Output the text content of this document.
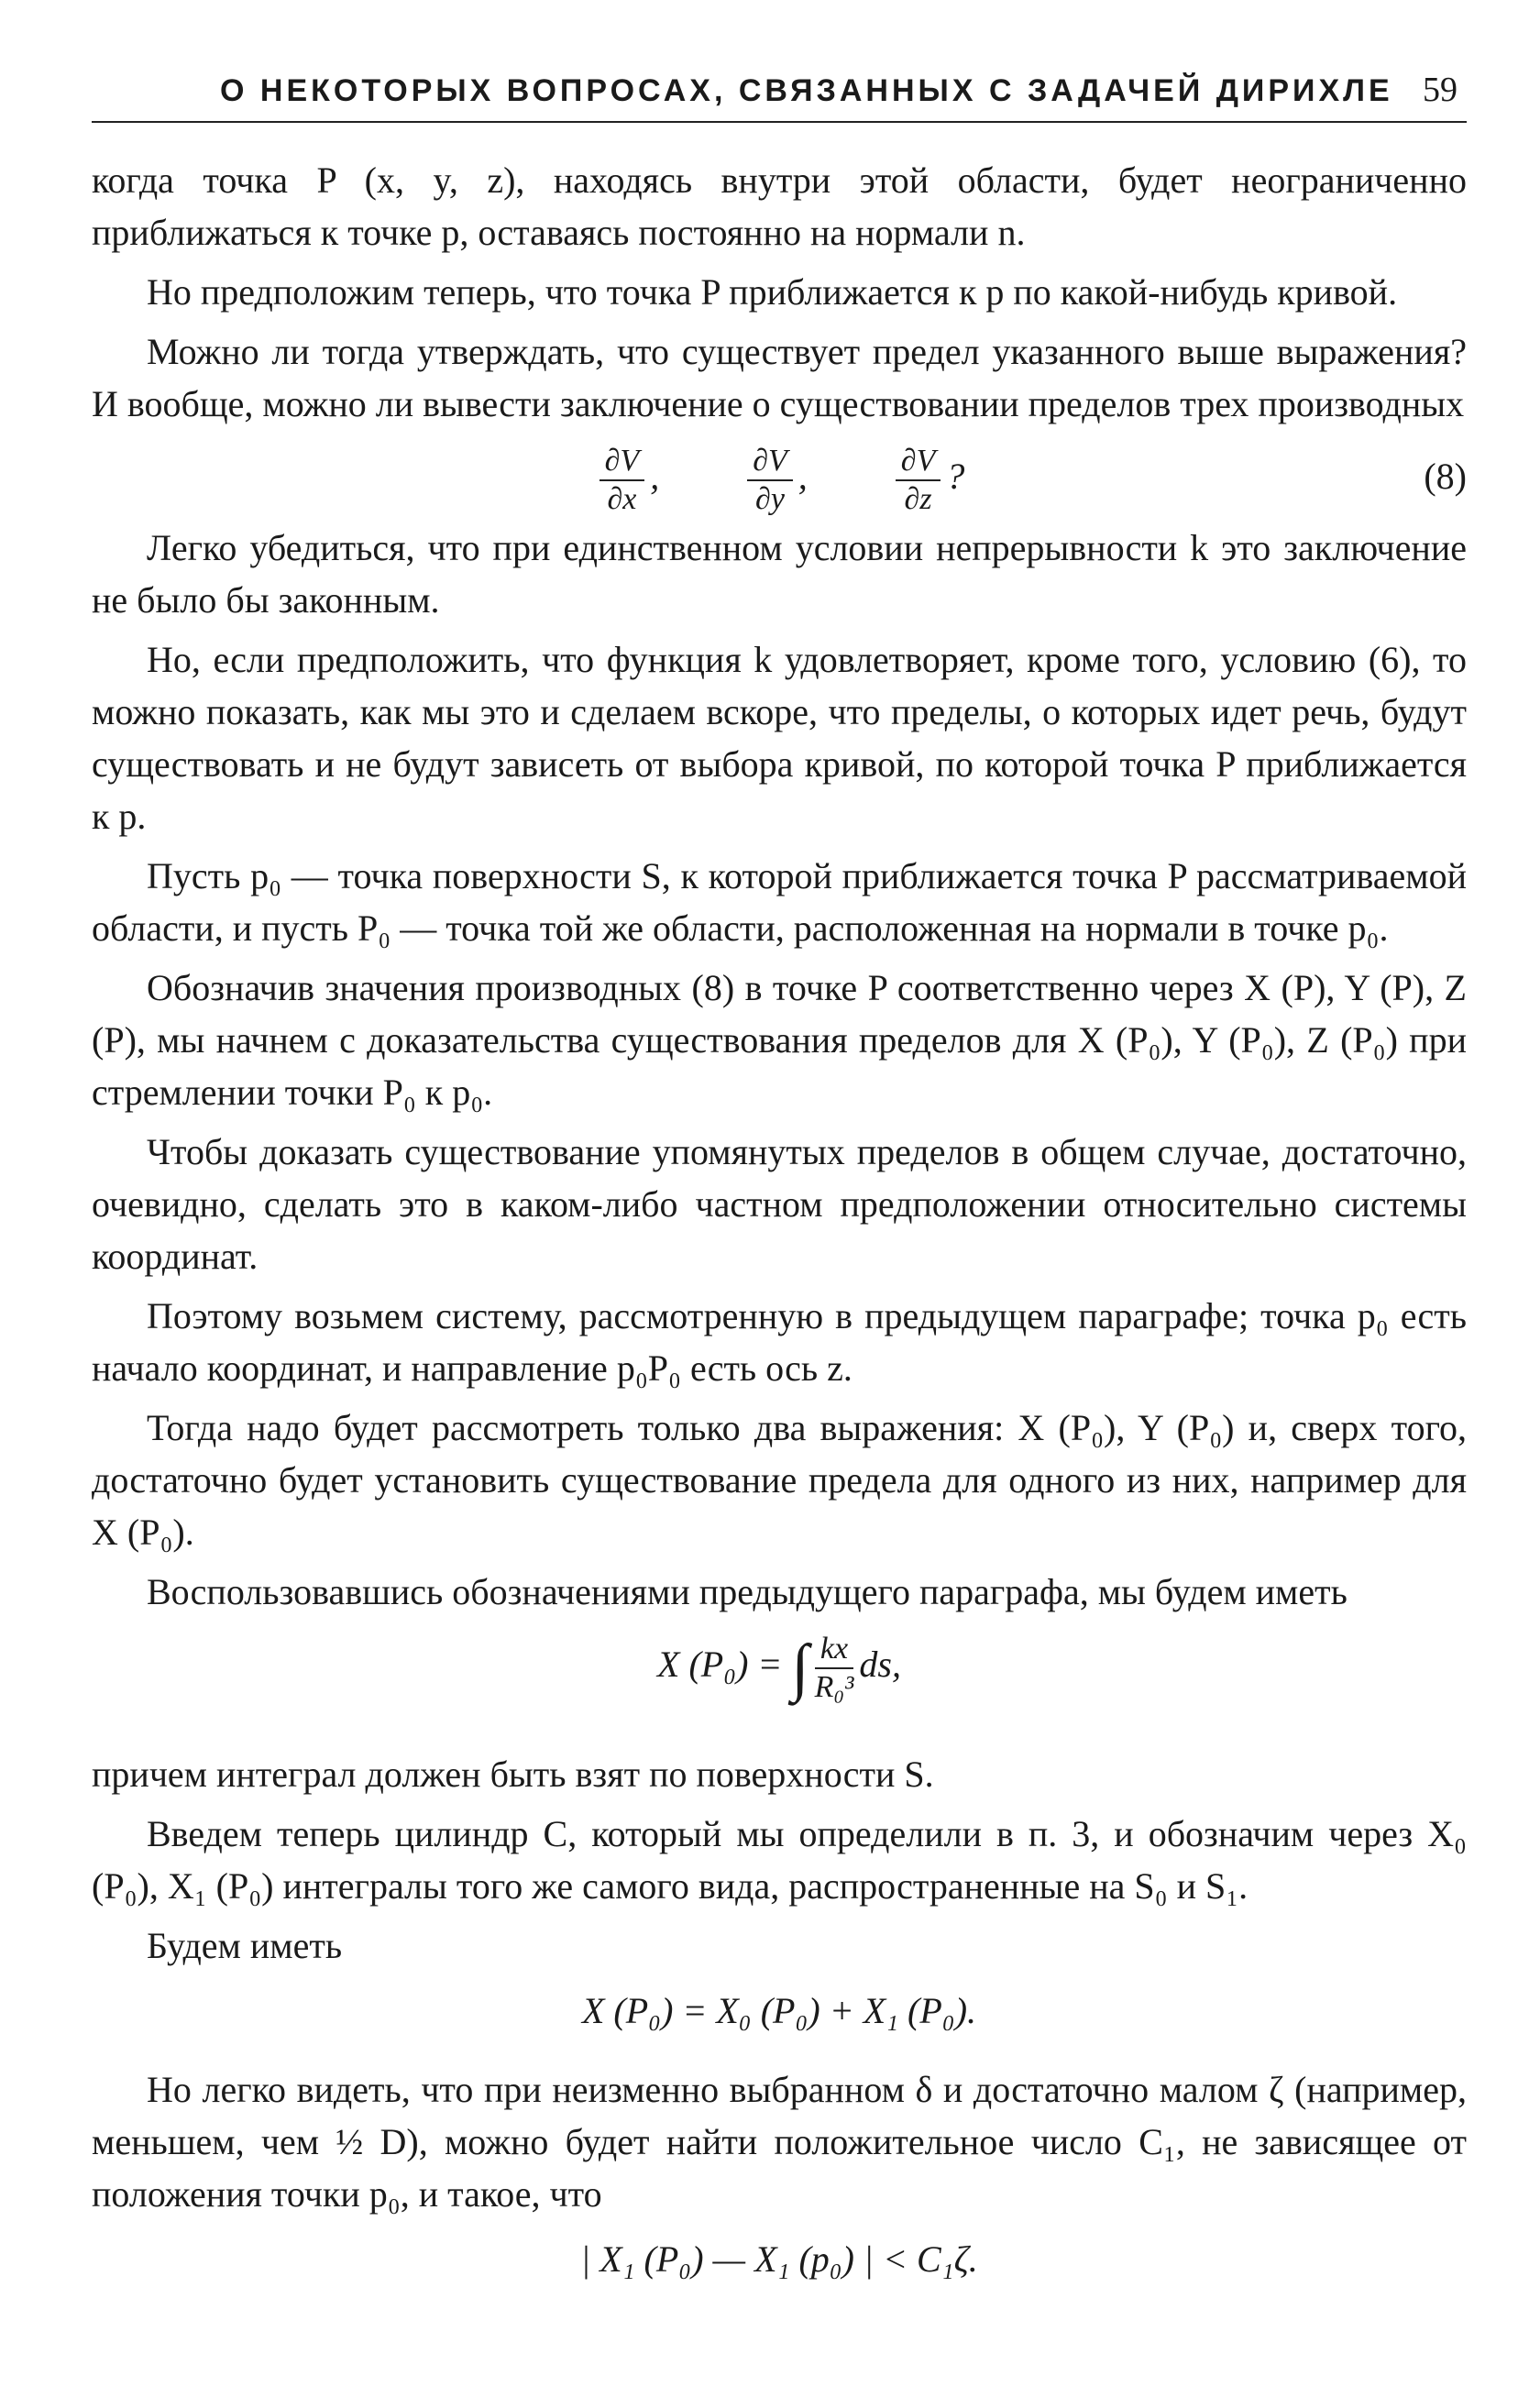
О НЕКОТОРЫХ ВОПРОСАХ, СВЯЗАННЫХ С ЗАДАЧЕЙ ДИРИХЛЕ 59

когда точка P (x, y, z), находясь внутри этой области, будет неограниченно приближаться к точке p, оставаясь постоянно на нормали n.

Но предположим теперь, что точка P приближается к p по какой-нибудь кривой.

Можно ли тогда утверждать, что существует предел указанного выше выражения? И вообще, можно ли вывести заключение о существовании пределов трех производных

$\frac{\partial V}{\partial x}$ ,	$\frac{\partial V}{\partial y}$ ,	$\frac{\partial V}{\partial z}$ ?	(8)

Легко убедиться, что при единственном условии непрерывности k это заключение не было бы законным.

Но, если предположить, что функция k удовлетворяет, кроме того, условию (6), то можно показать, как мы это и сделаем вскоре, что пределы, о которых идет речь, будут существовать и не будут зависеть от выбора кривой, по которой точка P приближается к p.

Пусть p₀ — точка поверхности S, к которой приближается точка P рассматриваемой области, и пусть P₀ — точка той же области, расположенная на нормали в точке p₀.

Обозначив значения производных (8) в точке P соответственно через X (P), Y (P), Z (P), мы начнем с доказательства существования пределов для X (P₀), Y (P₀), Z (P₀) при стремлении точки P₀ к p₀.

Чтобы доказать существование упомянутых пределов в общем случае, достаточно, очевидно, сделать это в каком-либо частном предположении относительно системы координат.

Поэтому возьмем систему, рассмотренную в предыдущем параграфе; точка p₀ есть начало координат, и направление p₀P₀ есть ось z.

Тогда надо будет рассмотреть только два выражения: X (P₀), Y (P₀) и, сверх того, достаточно будет установить существование предела для одного из них, например для X (P₀).

Воспользовавшись обозначениями предыдущего параграфа, мы будем иметь

X (P₀) = ∫ $\frac{kx}{\text{R₀³}}$ ds,

причем интеграл должен быть взят по поверхности S.

Введем теперь цилиндр C, который мы определили в п. 3, и обозначим через X₀ (P₀), X₁ (P₀) интегралы того же самого вида, распространенные на S₀ и S₁.

Будем иметь

X (P₀) = X₀ (P₀) + X₁ (P₀).

Но легко видеть, что при неизменно выбранном δ и достаточно малом ζ (например, меньшем, чем ½ D), можно будет найти положительное число C₁, не зависящее от положения точки p₀, и такое, что

| X₁ (P₀) — X₁ (p₀) | < C₁ζ.
